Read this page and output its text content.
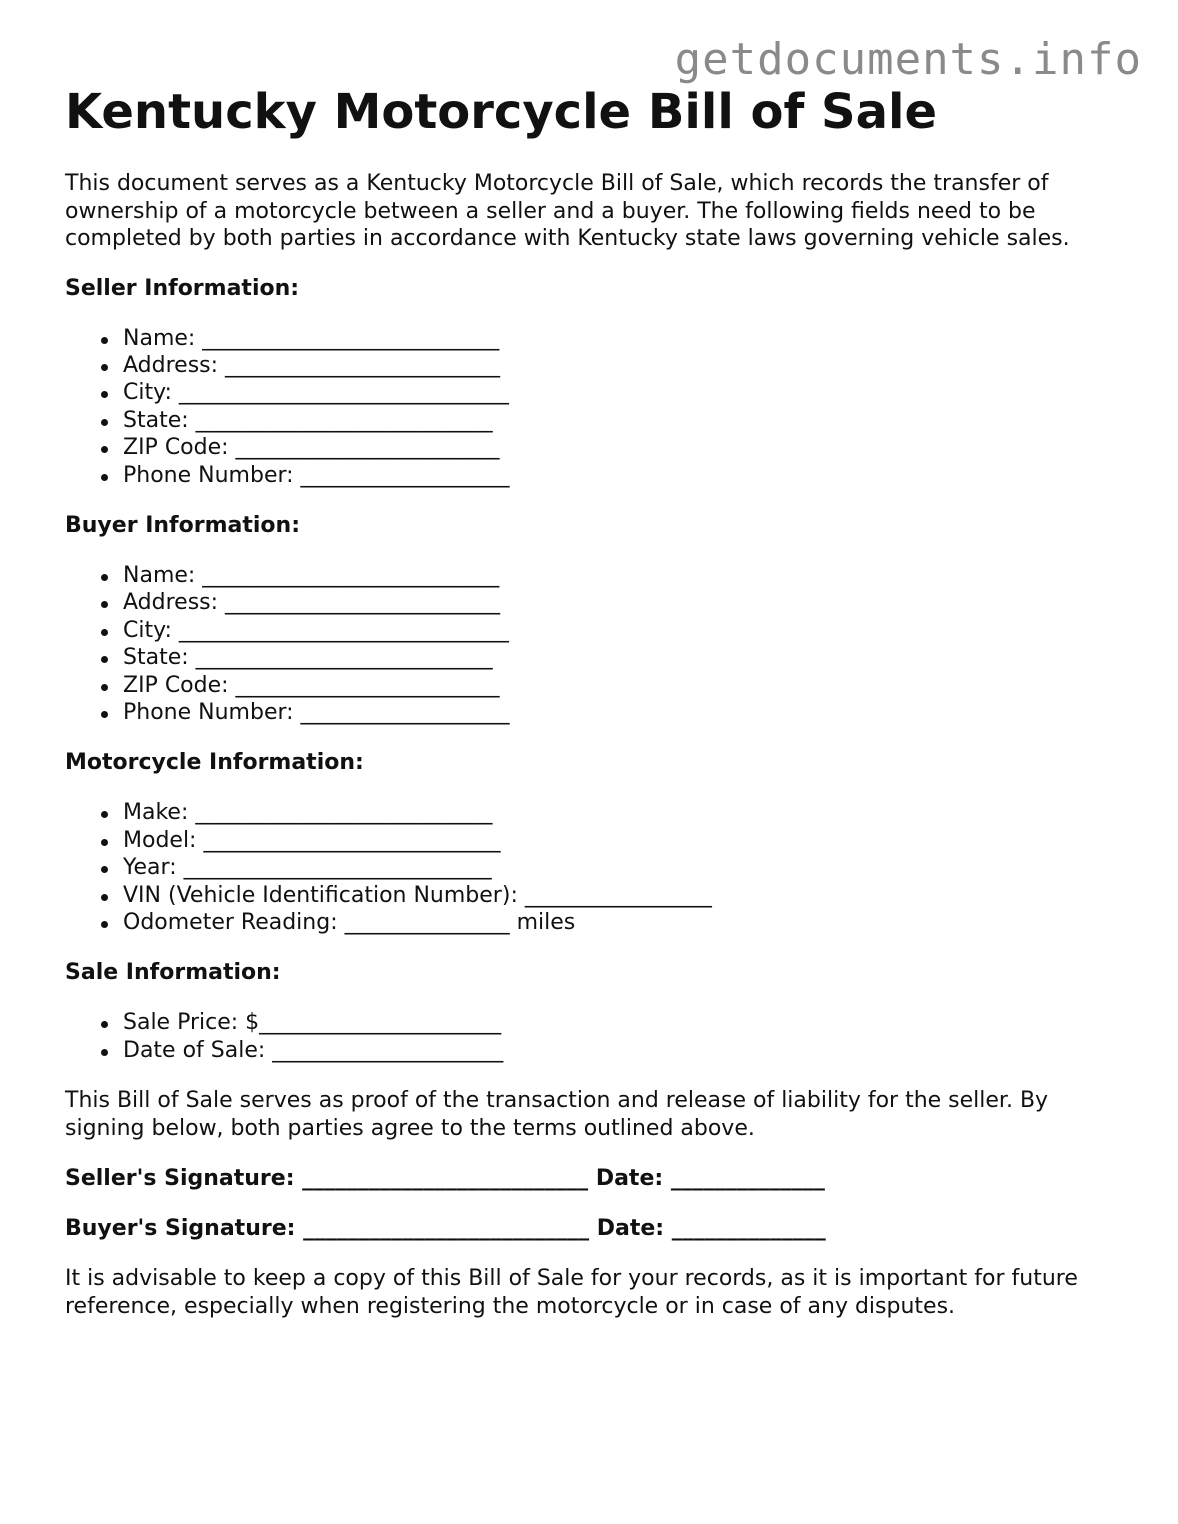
getdocuments.info
Kentucky Motorcycle Bill of Sale

This document serves as a Kentucky Motorcycle Bill of Sale, which records the transfer of ownership of a motorcycle between a seller and a buyer. The following fields need to be completed by both parties in accordance with Kentucky state laws governing vehicle sales.

Seller Information:
Name: ___________________________
Address: _________________________
City: ______________________________
State: ___________________________
ZIP Code: ________________________
Phone Number: ___________________
Buyer Information:
Name: ___________________________
Address: _________________________
City: ______________________________
State: ___________________________
ZIP Code: ________________________
Phone Number: ___________________
Motorcycle Information:
Make: ___________________________
Model: ___________________________
Year: ____________________________
VIN (Vehicle Identification Number): _________________
Odometer Reading: _______________ miles
Sale Information:
Sale Price: $______________________
Date of Sale: _____________________

This Bill of Sale serves as proof of the transaction and release of liability for the seller. By signing below, both parties agree to the terms outlined above.

Seller's Signature: __________________________ Date: ______________
Buyer's Signature: __________________________ Date: ______________

It is advisable to keep a copy of this Bill of Sale for your records, as it is important for future reference, especially when registering the motorcycle or in case of any disputes.
